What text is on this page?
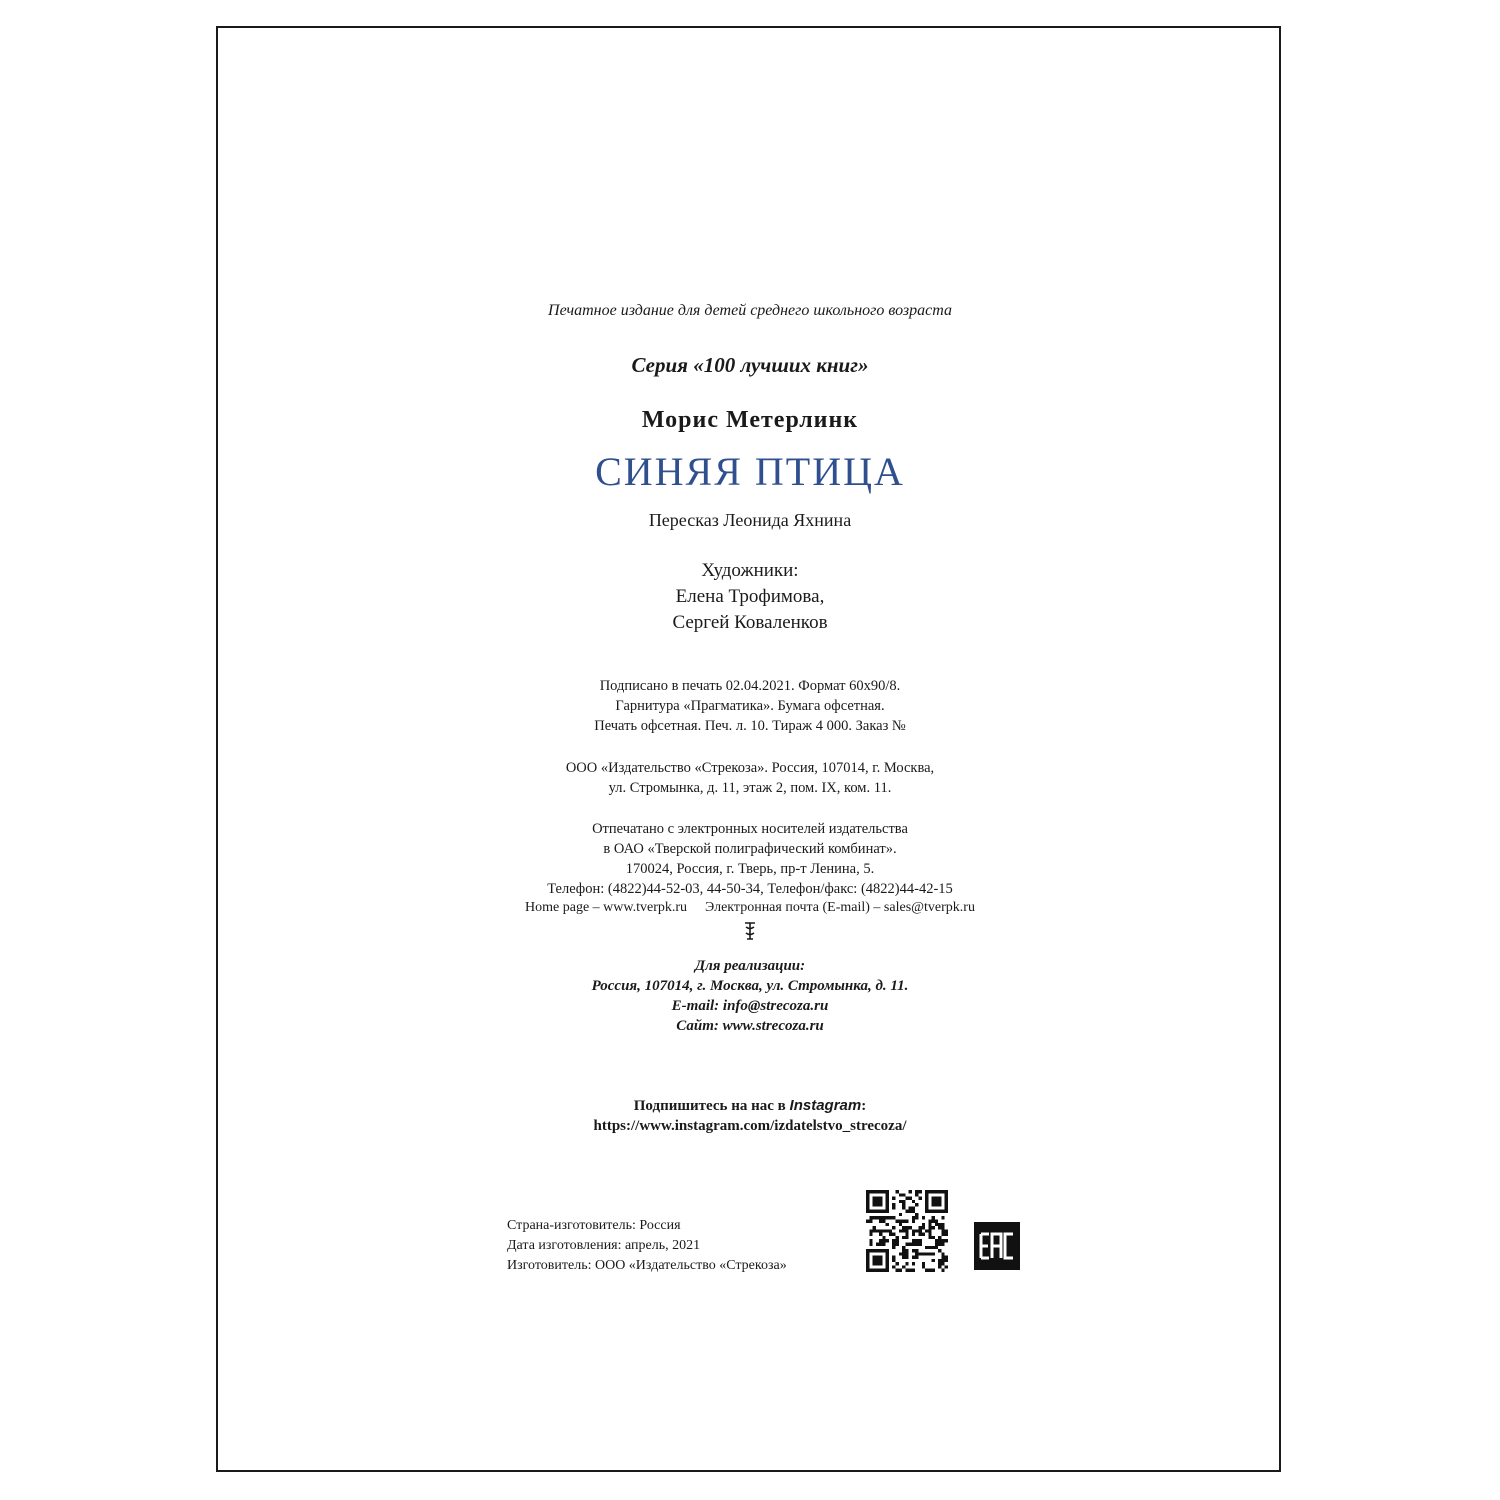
Печатное издание для детей среднего школьного возраста
Серия «100 лучших книг»
Морис Метерлинк
СИНЯЯ ПТИЦА
Пересказ Леонида Яхнина
Художники:
Елена Трофимова,
Сергей Коваленков
Подписано в печать 02.04.2021. Формат 60x90/8.
Гарнитура «Прагматика». Бумага офсетная.
Печать офсетная. Печ. л. 10. Тираж 4 000. Заказ №
ООО «Издательство «Стрекоза». Россия, 107014, г. Москва,
ул. Стромынка, д. 11, этаж 2, пом. IX, ком. 11.
Отпечатано с электронных носителей издательства
в ОАО «Тверской полиграфический комбинат».
170024, Россия, г. Тверь, пр-т Ленина, 5.
Телефон: (4822)44-52-03, 44-50-34, Телефон/факс: (4822)44-42-15
Home page – www.tverpk.ru Электронная почта (E-mail) – sales@tverpk.ru
Для реализации:
Россия, 107014, г. Москва, ул. Стромынка, д. 11.
E-mail: info@strecoza.ru
Сайт: www.strecoza.ru
Подпишитесь на нас в Instagram:
https://www.instagram.com/izdatelstvo_strecoza/
Страна-изготовитель: Россия
Дата изготовления: апрель, 2021
Изготовитель: ООО «Издательство «Стрекоза»
